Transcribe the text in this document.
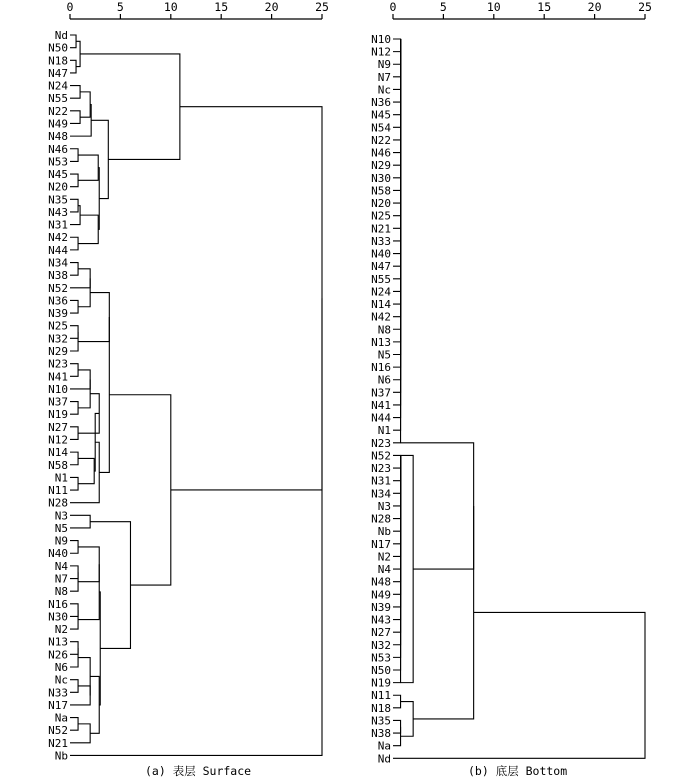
0	5	10	15	20	25
Nd
N50
N18
N47
N24
N55
N22
N49
N48
N46
N53
N45
N20
N35
N43
N31
N42
N44
N34
N38
N52
N36
N39
N25
N32
N29
N23
N41
N10
N37
N19
N27
N12
N14
N58
N1
N11
N28
N3
N5
N9
N40
N4
N7
N8
N16
N30
N2
N13
N26
N6
Nc
N33
N17
Na
N52
N21
Nb
0	5	10	15	20	25
N10
N12
N9
N7
Nc
N36
N45
N54
N22
N46
N29
N30
N58
N20
N25
N21
N33
N40
N47
N55
N24
N14
N42
N8
N13
N5
N16
N6
N37
N41
N44
N1
N23
N52
N23
N31
N34
N3
N28
Nb
N17
N2
N4
N48
N49
N39
N43
N27
N32
N53
N50
N19
N11
N18
N35
N38
Na
Nd
(a) 表层 Surface	(b) 底层 Bottom
